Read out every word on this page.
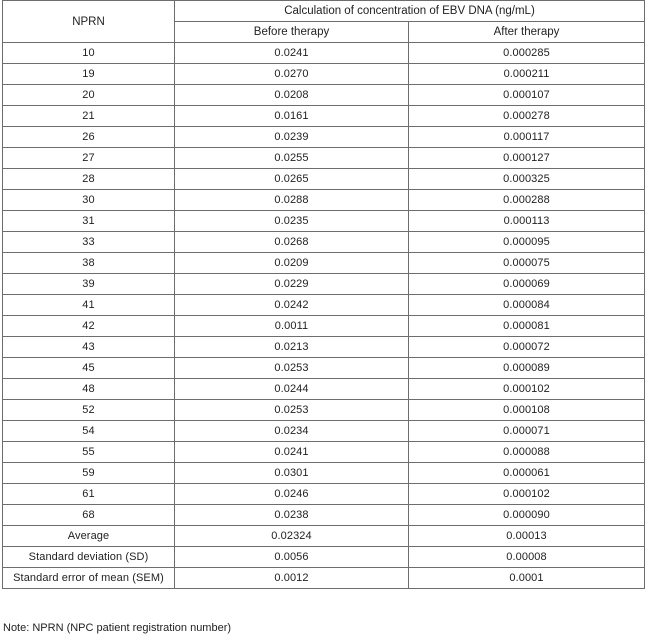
NPRN	Calculation of concentration of EBV DNA (ng/mL)	
	Before therapy	After therapy
10	0.0241	0.000285
19	0.0270	0.000211
20	0.0208	0.000107
21	0.0161	0.000278
26	0.0239	0.000117
27	0.0255	0.000127
28	0.0265	0.000325
30	0.0288	0.000288
31	0.0235	0.000113
33	0.0268	0.000095
38	0.0209	0.000075
39	0.0229	0.000069
41	0.0242	0.000084
42	0.0011	0.000081
43	0.0213	0.000072
45	0.0253	0.000089
48	0.0244	0.000102
52	0.0253	0.000108
54	0.0234	0.000071
55	0.0241	0.000088
59	0.0301	0.000061
61	0.0246	0.000102
68	0.0238	0.000090
Average	0.02324	0.00013
Standard deviation (SD)	0.0056	0.00008
Standard error of mean (SEM)	0.0012	0.0001
Note: NPRN (NPC patient registration number)
